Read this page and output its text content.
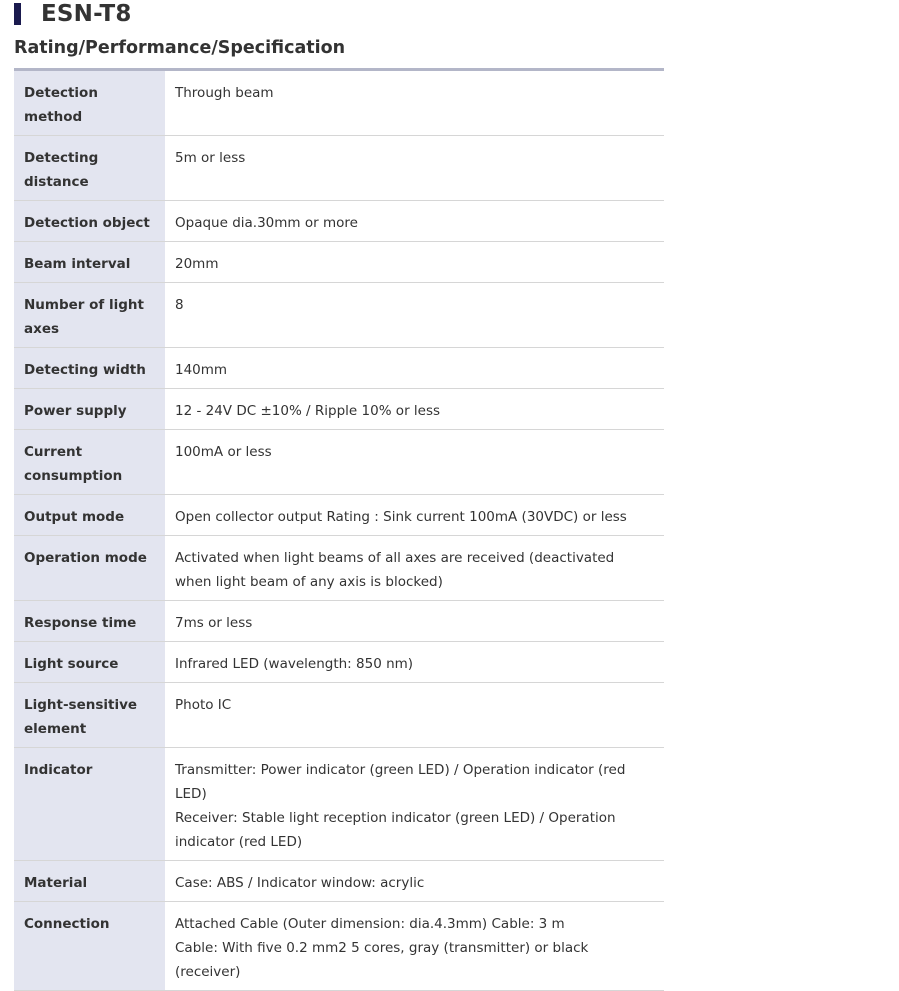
ESN-T8
Rating/Performance/Specification
Detection method	Through beam

Detecting distance	5m or less

Detection object	Opaque dia.30mm or more

Beam interval	20mm

Number of light axes	8

Detecting width	140mm

Power supply	12 - 24V DC ±10% / Ripple 10% or less

Current consumption	100mA or less

Output mode	Open collector output Rating : Sink current 100mA (30VDC) or less

Operation mode	Activated when light beams of all axes are received (deactivated when light beam of any axis is blocked)

Response time	7ms or less

Light source	Infrared LED (wavelength: 850 nm)

Light-sensitive element	Photo IC

Indicator	Transmitter: Power indicator (green LED) / Operation indicator (red LED)
Receiver: Stable light reception indicator (green LED) / Operation indicator (red LED)

Material	Case: ABS / Indicator window: acrylic

Connection	Attached Cable (Outer dimension: dia.4.3mm) Cable: 3 m
Cable: With five 0.2 mm2 5 cores, gray (transmitter) or black (receiver)
